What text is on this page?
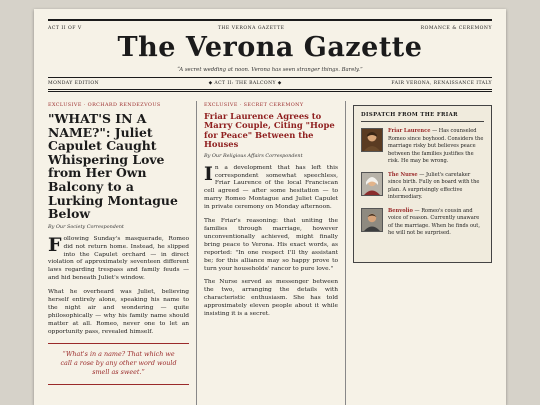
ACT II OF V	THE VERONA GAZETTE	ROMANCE & CEREMONY
The Verona Gazette
“A secret wedding at noon. Verona has seen stranger things. Barely.”
MONDAY EDITION	◆ ACT II: THE BALCONY ◆	FAIR VERONA, RENAISSANCE ITALY
EXCLUSIVE · ORCHARD RENDEZVOUS
"WHAT'S IN A NAME?": Juliet Capulet Caught Whispering Love from Her Own Balcony to a Lurking Montague Below
By Our Society Correspondent

Following Sunday's masquerade, Romeo did not return home. Instead, he slipped into the Capulet orchard — in direct violation of approximately seventeen different laws regarding trespass and family feuds — and hid beneath Juliet's window.

What he overheard was Juliet, believing herself entirely alone, speaking his name to the night air and wondering — quite philosophically — why his family name should matter at all. Romeo, never one to let an opportunity pass, revealed himself.

“What's in a name? That which we call a rose by any other word would smell as sweet.”
EXCLUSIVE · SECRET CEREMONY
Friar Laurence Agrees to Marry Couple, Citing "Hope for Peace" Between the Houses
By Our Religious Affairs Correspondent

In a development that has left this correspondent somewhat speechless, Friar Laurence of the local Franciscan cell agreed — after some hesitation — to marry Romeo Montague and Juliet Capulet in private ceremony on Monday afternoon.

The Friar's reasoning: that uniting the families through marriage, however unconventionally achieved, might finally bring peace to Verona. His exact words, as reported: "In one respect I'll thy assistant be; for this alliance may so happy prove to turn your households' rancor to pure love."

The Nurse served as messenger between the two, arranging the details with characteristic enthusiasm. She has told approximately eleven people about it while insisting it is a secret.

DISPATCH FROM THE FRIAR
Friar Laurence — Has counseled Romeo since boyhood. Considers the marriage risky but believes peace between the families justifies the risk. He may be wrong.
The Nurse — Juliet's caretaker since birth. Fully on board with the plan. A surprisingly effective intermediary.
Benvolio — Romeo's cousin and voice of reason. Currently unaware of the marriage. When he finds out, he will not be surprised.
